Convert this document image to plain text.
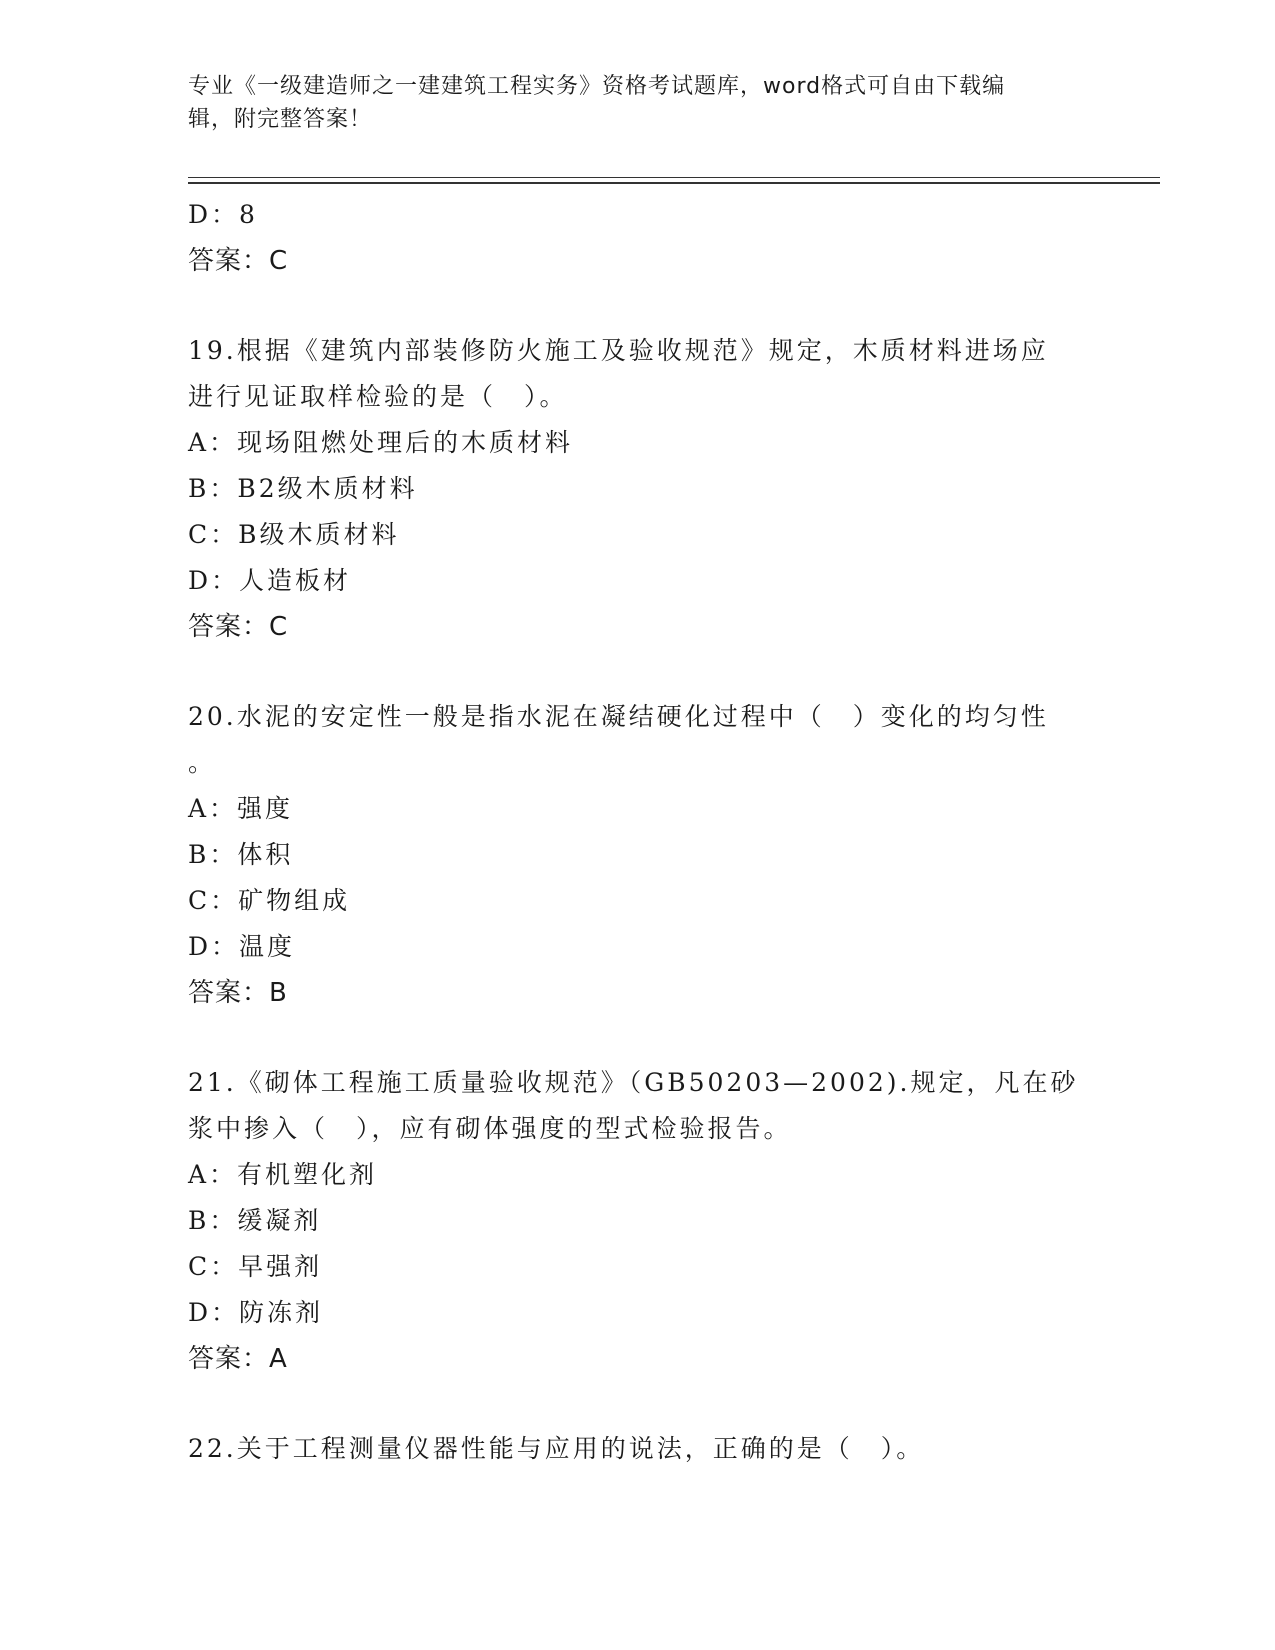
专业《一级建造师之一建建筑工程实务》资格考试题库，word格式可自由下载编
辑，附完整答案！
D：8
答案：C
19.根据《建筑内部装修防火施工及验收规范》规定，木质材料进场应
进行见证取样检验的是（　）。
A：现场阻燃处理后的木质材料
B：B2级木质材料
C：B级木质材料
D：人造板材
答案：C
20.水泥的安定性一般是指水泥在凝结硬化过程中（　）变化的均匀性
。
A：强度
B：体积
C：矿物组成
D：温度
答案：B
21.《砌体工程施工质量验收规范》（GB50203—2002).规定，凡在砂
浆中掺入（　），应有砌体强度的型式检验报告。
A：有机塑化剂
B：缓凝剂
C：早强剂
D：防冻剂
答案：A
22.关于工程测量仪器性能与应用的说法，正确的是（　）。
